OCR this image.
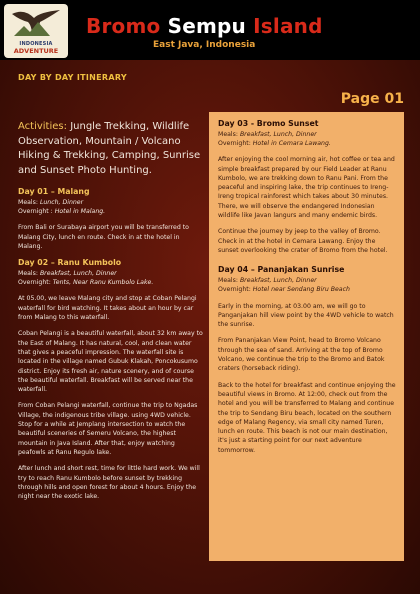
INDONESIA
ADVENTURE
Bromo Sempu Island
East Java, Indonesia
DAY BY DAY ITINERARY
Page 01
Activities: Jungle Trekking, Wildlife Observation, Mountain / Volcano Hiking & Trekking, Camping, Sunrise and Sunset Photo Hunting.
Day 01 – Malang
Meals: Lunch, Dinner
Overnight : Hotel in Malang.

From Bali or Surabaya airport you will be transferred to Malang City, lunch en route. Check in at the hotel in Malang.

Day 02 – Ranu Kumbolo
Meals: Breakfast, Lunch, Dinner
Overnight: Tents, Near Ranu Kumbolo Lake.

At 05.00, we leave Malang city and stop at Coban Pelangi waterfall for bird watching. It takes about an hour by car from Malang to this waterfall.

Coban Pelangi is a beautiful waterfall, about 32 km away to the East of Malang. It has natural, cool, and clean water that gives a peaceful impression. The waterfall site is located in the village named Gubuk Klakah, Poncokusumo district. Enjoy its fresh air, nature scenery, and of course the beautiful waterfall. Breakfast will be served near the waterfall.

From Coban Pelangi waterfall, continue the trip to Ngadas Village, the indigenous tribe village. using 4WD vehicle. Stop for a while at Jemplang intersection to watch the beautiful sceneries of Semeru Volcano, the highest mountain in Java Island. After that, enjoy watching peafowls at Ranu Regulo lake.

After lunch and short rest, time for little hard work. We will try to reach Ranu Kumbolo before sunset by trekking through hills and open forest for about 4 hours. Enjoy the night near the exotic lake.

Day 03 - Bromo Sunset
Meals: Breakfast, Lunch, Dinner
Overnight: Hotel in Cemara Lawang.

After enjoying the cool morning air, hot coffee or tea and simple breakfast prepared by our Field Leader at Ranu Kumbolo, we are trekking down to Ranu Pani. From the peaceful and inspiring lake, the trip continues to Ireng-Ireng tropical rainforest which takes about 30 minutes. There, we will observe the endangered Indonesian wildlife like Javan langurs and many endemic birds.

Continue the journey by jeep to the valley of Bromo. Check in at the hotel in Cemara Lawang. Enjoy the sunset overlooking the crater of Bromo from the hotel.

Day 04 – Pananjakan Sunrise
Meals: Breakfast, Lunch, Dinner
Overnight: Hotel near Sendang Biru Beach

Early in the morning, at 03.00 am, we will go to Panganjakan hill view point by the 4WD vehicle to watch the sunrise.

From Pananjakan View Point, head to Bromo Volcano through the sea of sand. Arriving at the top of Bromo Volcano, we continue the trip to the Bromo and Batok craters (horseback riding).

Back to the hotel for breakfast and continue enjoying the beautiful views in Bromo. At 12:00, check out from the hotel and you will be transferred to Malang and continue the trip to Sendang Biru beach, located on the southern edge of Malang Regency, via small city named Turen, lunch en route. This beach is not our main destination, it's just a starting point for our next adventure tommorrow.
